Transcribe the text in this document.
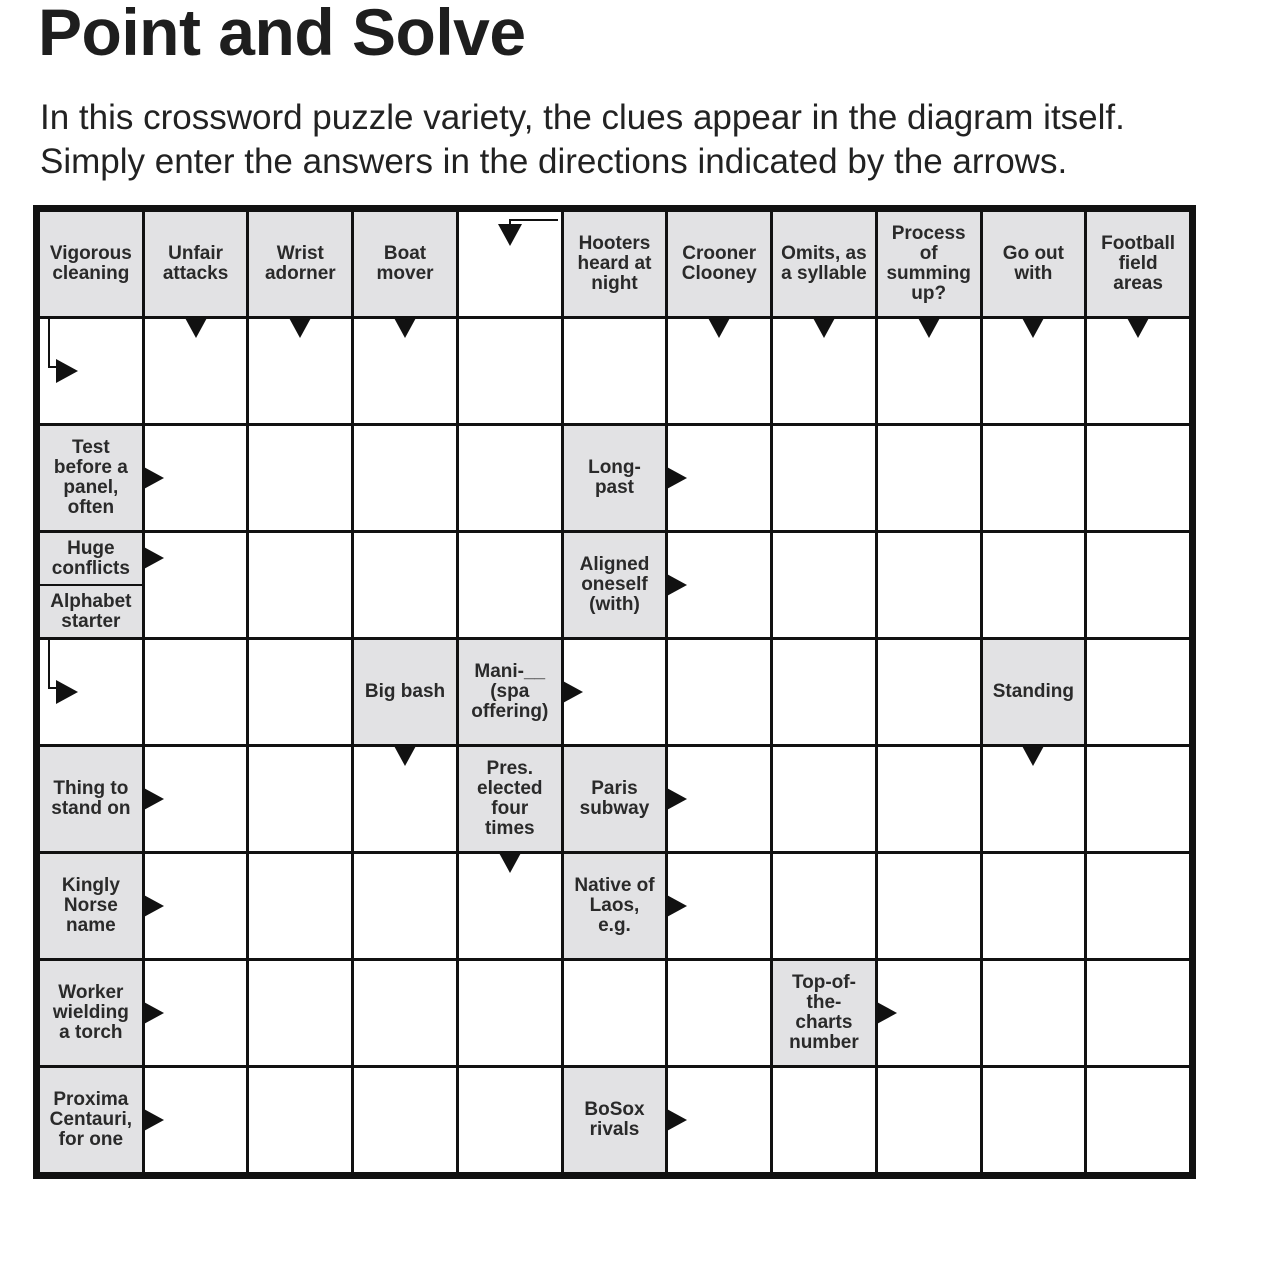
Point and Solve
In this crossword puzzle variety, the clues appear in the diagram itself.
Simply enter the answers in the directions indicated by the arrows.
Vigorous
cleaning
Unfair
attacks
Wrist
adorner
Boat
mover
Hooters
heard at
night
Crooner
Clooney
Omits, as
a syllable
Process
of
summing
up?
Go out
with
Football
field
areas
Test
before a
panel,
often
Long-
past
Huge
conflicts
Alphabet
starter
Aligned
oneself
(with)
Big bash
Mani-__
(spa
offering)
Standing
Thing to
stand on
Pres.
elected
four
times
Paris
subway
Kingly
Norse
name
Native of
Laos,
e.g.
Worker
wielding
a torch
Top-of-
the-
charts
number
Proxima
Centauri,
for one
BoSox
rivals
